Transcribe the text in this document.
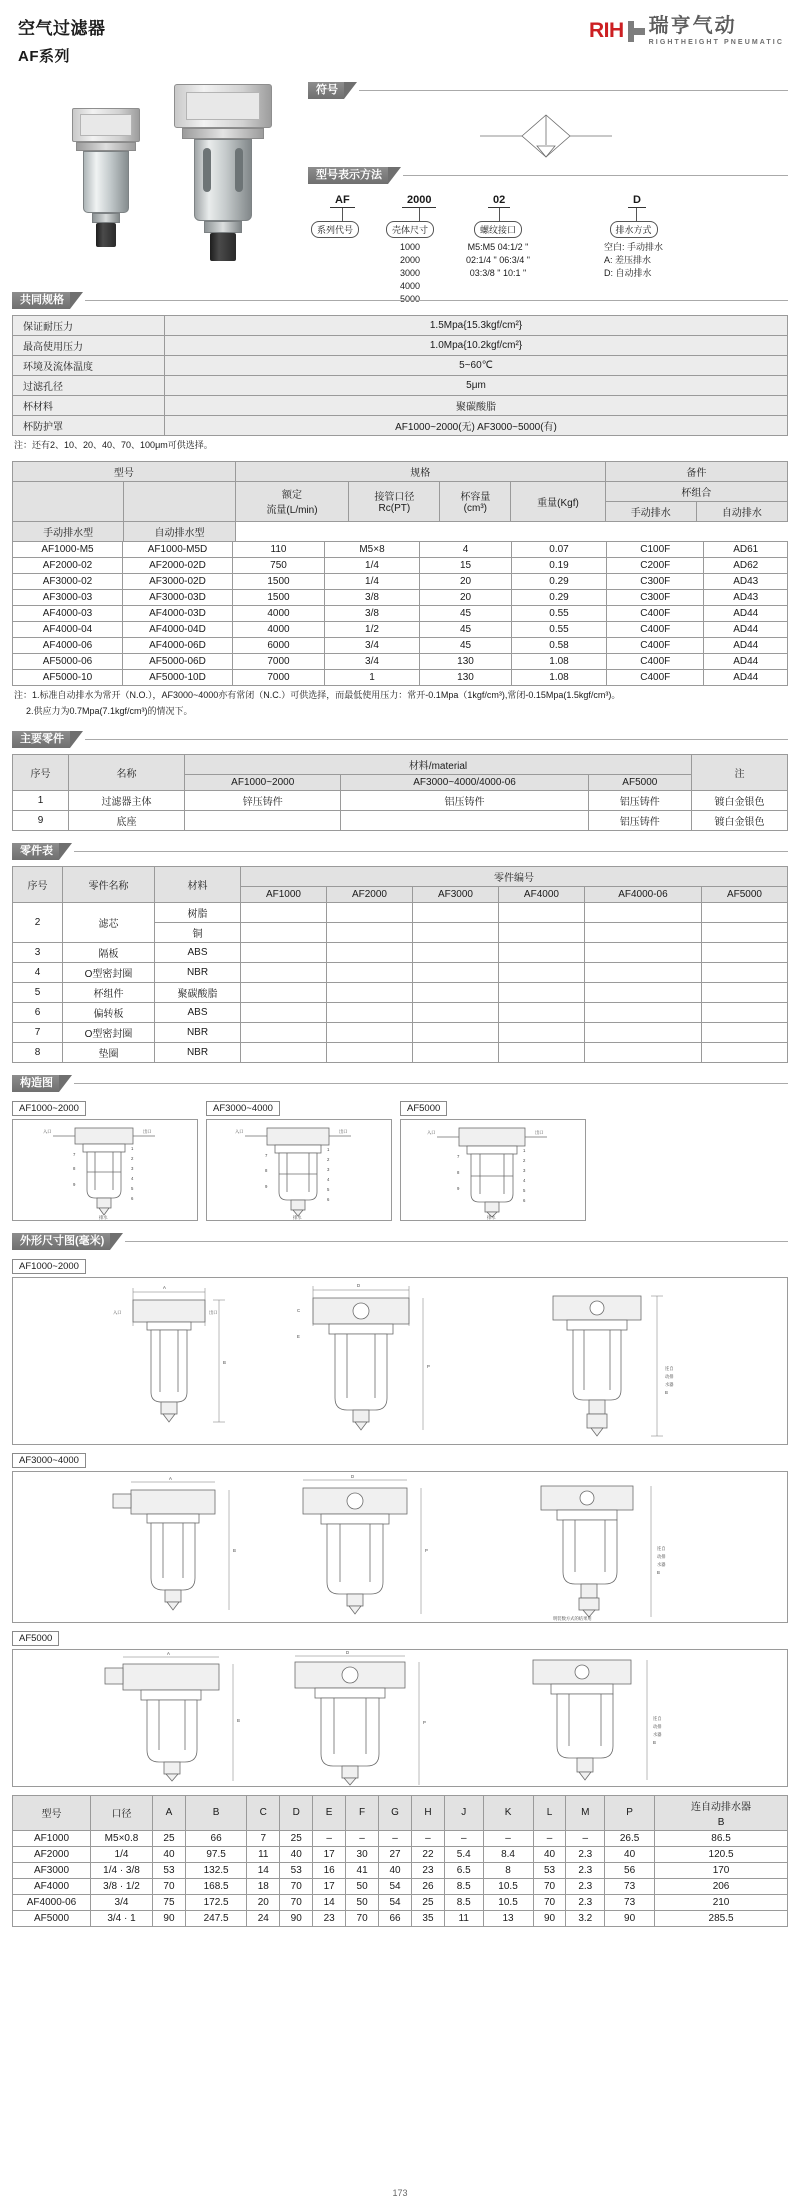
空气过滤器
AF系列
RIH 瑞亨气动
RIGHTHEIGHT PNEUMATIC
符号
型号表示方法
AF	2000	02	D
系列代号	壳体尺寸
1000
2000
3000
4000
螺纹接口
M5:M5 04:1/2 "
02:1/4 " 06:3/4 "
03:3/8 " 10:1 "
排水方式
空白: 手动排水
A: 差压排水
D: 自动排水
共同规格
保证耐压力	1.5Mpa{15.3kgf/cm²}
最高使用压力	1.0Mpa{10.2kgf/cm²}
环境及流体温度	5~60℃
过滤孔径	5μm
杯材料	聚碳酸脂
杯防护罩	AF1000~2000(无) AF3000~5000(有)
注：还有2、10、20、40、70、100μm可供选择。
型号		规格				备件	

额定
流量(L/min)

接管口径
Rc(PT)

杯容量
(cm³)	重量(Kgf)	杯组合
						手动排水	自动排水
手动排水型	自动排水型						
AF1000-M5	AF1000-M5D	110	M5×8	4	0.07	C100F	AD61
AF2000-02	AF2000-02D	750	1/4	15	0.19	C200F	AD62
AF3000-02	AF3000-02D	1500	1/4	20	0.29	C300F	AD43
AF3000-03	AF3000-03D	1500	3/8	20	0.29	C300F	AD43
AF4000-03	AF4000-03D	4000	3/8	45	0.55	C400F	AD44
AF4000-04	AF4000-04D	4000	1/2	45	0.55	C400F	AD44
AF4000-06	AF4000-06D	6000	3/4	45	0.58	C400F	AD44
AF5000-06	AF5000-06D	7000	3/4	130	1.08	C400F	AD44
AF5000-10	AF5000-10D	7000	1	130	1.08	C400F	AD44
注：1.标准自动排水为常开（N.O.），AF3000~4000亦有常闭（N.C.）可供选择，而最低使用压力：常开-0.1Mpa（1kgf/cm³),常闭-0.15Mpa(1.5kgf/cm³)。
2.供应力为0.7Mpa(7.1kgf/cm³)的情况下。
主要零件
序号	名称	材料/material			注
		AF1000~2000	AF3000~4000/4000-06	AF5000	
1	过滤器主体	锌压铸件	铝压铸件	铝压铸件	镀白金银色
9	底座			铝压铸件	镀白金银色
零件表
序号	零件名称	材料	零件编号					
			AF1000	AF2000	AF3000	AF4000	AF4000-06	AF5000
2	滤芯	树脂						
		铜						
3	隔板	ABS						
4	O型密封圈	NBR						
5	杯组件	聚碳酸脂						
6	偏转板	ABS						
7	O型密封圈	NBR						
8	垫圈	NBR						
构造图
AF1000~2000
入口	出口
排水
1
2
3
4
5
6
7
8
9
AF3000~4000
入口	出口
排水
1
2
3
4
5
6
7
8
9
AF5000
入口	出口
排水
1
2
3
4
5
6
7
8
9
外形尺寸图(毫米)
AF1000~2000
A
B
入口	出口
D
P
C
E
连自
动排
水器
B
AF3000~4000
A
B
D
P	连自
动排
水器
B
明装数方式的结果用
AF5000
A
B
D
P
连自
动排
水器
B
型号	口径	A	B	C	D	E	F	G	H	J	K	L	M	P	连自动排水器
															B
AF1000	M5×0.8	25	66	7	25	–	–	–	–	–	–	–	–	26.5	86.5
AF2000	1/4	40	97.5	11	40	17	30	27	22	5.4	8.4	40	2.3	40	120.5
AF3000	1/4 · 3/8	53	132.5	14	53	16	41	40	23	6.5	8	53	2.3	56	170
AF4000	3/8 · 1/2	70	168.5	18	70	17	50	54	26	8.5	10.5	70	2.3	73	206
AF4000-06	3/4	75	172.5	20	70	14	50	54	25	8.5	10.5	70	2.3	73	210
AF5000	3/4 · 1	90	247.5	24	90	23	70	66	35	11	13	90	3.2	90	285.5
173
